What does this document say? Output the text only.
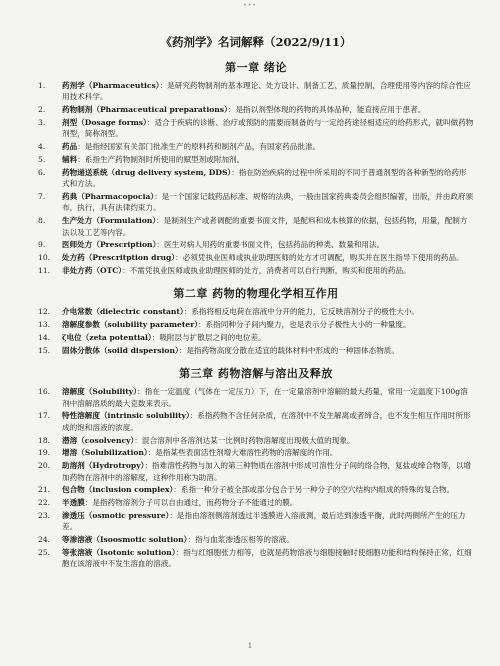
•••
《药剂学》名词解释（2022/9/11）
第一章 绪论
1.	药剂学（Pharmaceutics）：是研究药物制剂的基本理论、处方设计、制备工艺、质量控制、合理使用等内容的综合性应用技术科学。
2.	药物制剂（Pharmaceutical preparations）：是指以剂型体现的药物的具体品种，能直接应用于患者。
3.	剂型（Dosage forms）：适合于疾病的诊断、治疗或预防的需要而制备的与一定给药途径相适应的给药形式，就叫做药物剂型，简称剂型。
4.	药品：是指经国家有关部门批准生产的原料药和制剂产品，有国家药品批准。
5.	辅料：系指生产药物制剂时所使用的赋型剂或附加剂。
6.	药物递送系统（drug delivery system, DDS）：指在防治疾病的过程中所采用的不同于普通剂型的各种新型的给药形式和方法。
7.	药典（Pharmacopocia）：是一个国家记载药品标准、规格的法典，一般由国家药典委员会组织编著，出版，并由政府颁布，执行，具有法律约束力。
8.	生产处方（Formulation）：是制剂生产或者调配的重要书面文件，是配料和成本核算的依据，包括药物，用量，配制方法以及工艺等内容。
9.	医师处方（Prescription）：医生对病人用药的重要书面文件，包括药品的种类、数量和用法。
10.	处方药（Prescritption drug）：必须凭执业医师或执业助理医师的处方才可调配，购买并在医生指导下使用的药品。
11.	非处方药（OTC）：不需凭执业医师或执业助理医师的处方，消费者可以自行判断，购买和使用的药品。
第二章 药物的物理化学相互作用
12.	介电常数（dielectric constant）：系指将相反电荷在溶液中分开的能力，它反映溶剂分子的极性大小。
13.	溶解度参数（solubility parameter）：系指同种分子间内聚力，也是表示分子极性大小的一种量度。
14.	ζ电位（zeta potential）：吸附层与扩散层之间的电位差。
15.	固体分散体（soild dispersion）：是指药物高度分散在适宜的载体材料中形成的一种固体态物质。
第三章 药物溶解与溶出及释放
16.	溶解度（Solubility）：指在一定温度（气体在一定压力）下，在一定量溶剂中溶解的最大药量，常用一定温度下100g溶剂中溶解溶质的最大克数来表示。
17.	特性溶解度（intrinsic solubility）：系指药物不含任何杂质，在溶剂中不发生解离或者缔合，也不发生相互作用时所形成的饱和溶液的浓度。
18.	潜溶（cosolvency）：混合溶剂中各溶剂达某一比例时药物溶解度出现极大值的现象。
19.	增溶（Solubilization）：是指某些表面活性剂增大难溶性药物的溶解度的作用。
20.	助溶剂（Hydrotropy）：指难溶性药物与加入的第三种物质在溶剂中形成可溶性分子间的络合物，复盐或缔合物等，以增加药物在溶剂中的溶解度，这种作用称为助溶。
21.	包合物（inclusion complex）：系指一种分子被全部或部分包合于另一种分子的空穴结构内组成的特殊的复合物。
22.	半透膜：是指药物溶剂分子可以自由通过，而药物分子不能通过的膜。
23.	渗透压（osmotic pressure）：是指由溶剂侧溶剂透过半透膜进入溶液测，最后达到渗透平衡，此时两侧所产生的压力差。
24.	等渗溶液（Isoosmotic solution）：指与血浆渗透压相等的溶液。
25.	等张溶液（Isotonic solution）：指与红细胞张力相等，也就是药物溶液与细胞接触时使细胞功能和结构保持正常，红细胞在该溶液中不发生溶血的溶液。
1
